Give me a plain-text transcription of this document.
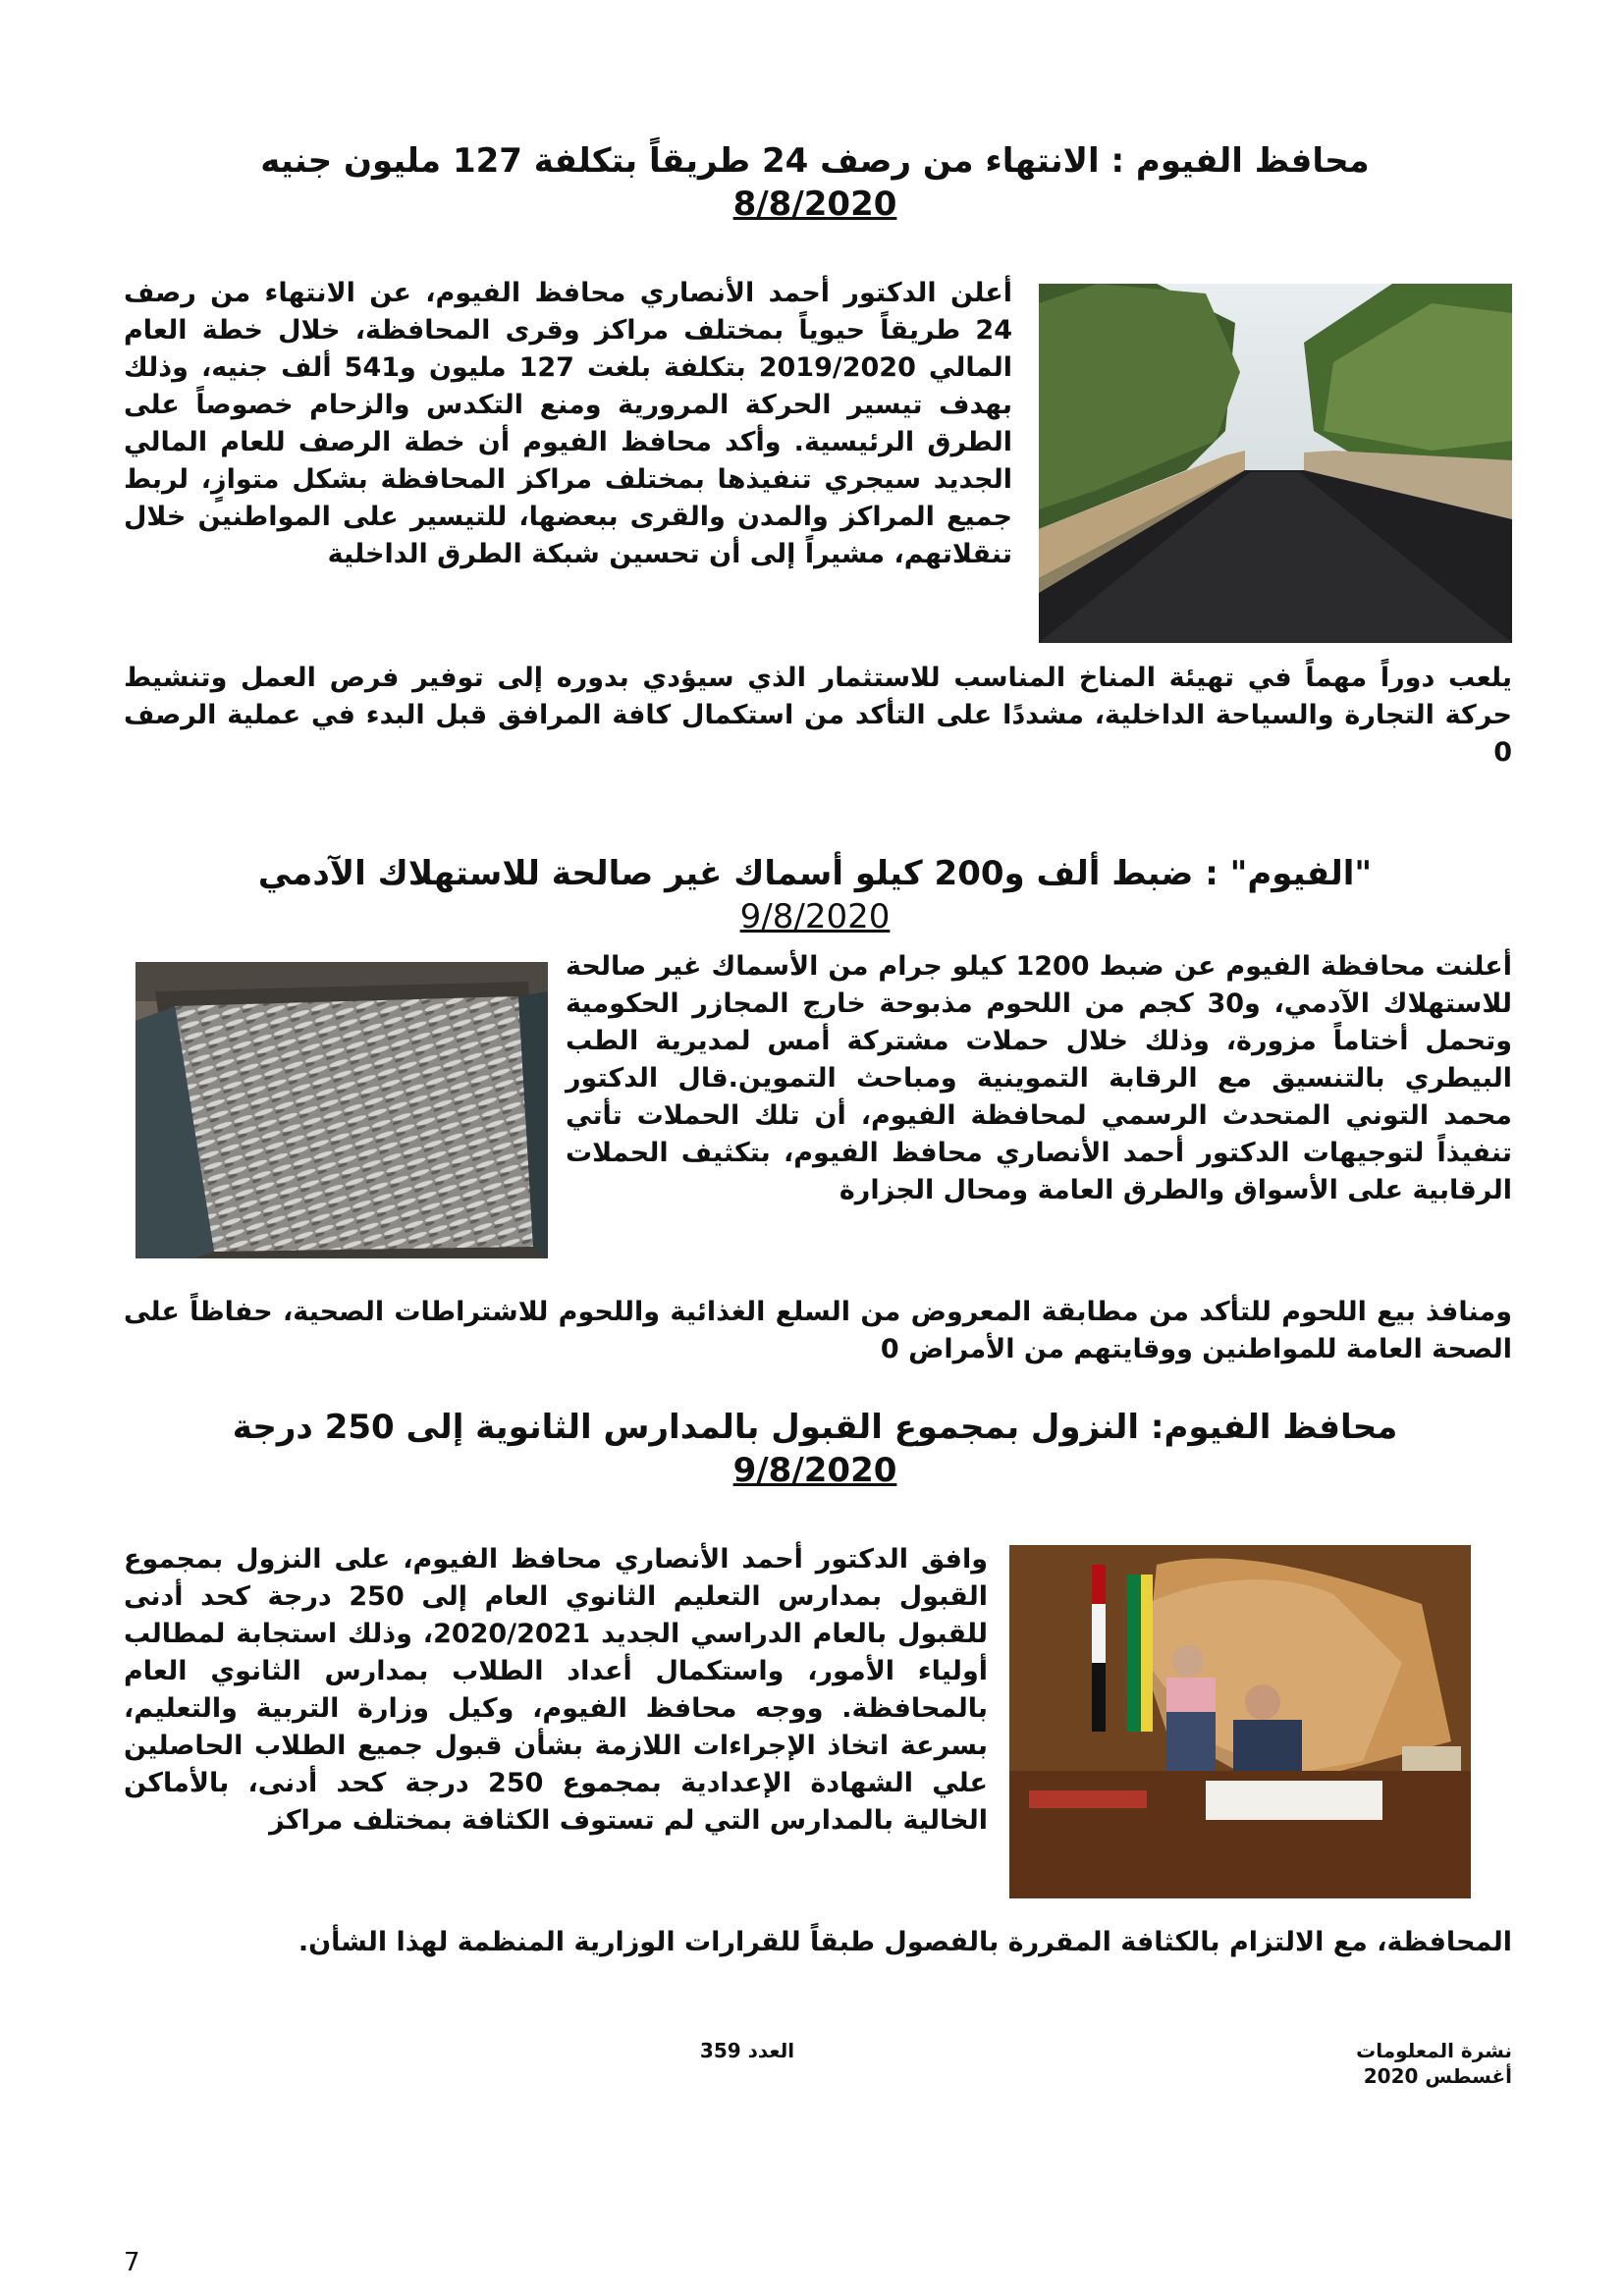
محافظ الفيوم : الانتهاء من رصف 24 طريقاً بتكلفة 127 مليون جنيه
8/8/2020

أعلن الدكتور أحمد الأنصاري محافظ الفيوم، عن الانتهاء من رصف 24 طريقاً حيوياً بمختلف مراكز وقرى المحافظة، خلال خطة العام المالي 2019/2020 بتكلفة بلغت 127 مليون و541 ألف جنيه، وذلك بهدف تيسير الحركة المرورية ومنع التكدس والزحام خصوصاً على الطرق الرئيسية. وأكد محافظ الفيوم أن خطة الرصف للعام المالي الجديد سيجري تنفيذها بمختلف مراكز المحافظة بشكل متوازٍ، لربط جميع المراكز والمدن والقرى ببعضها، للتيسير على المواطنين خلال تنقلاتهم، مشيراً إلى أن تحسين شبكة الطرق الداخلية

يلعب دوراً مهماً في تهيئة المناخ المناسب للاستثمار الذي سيؤدي بدوره إلى توفير فرص العمل وتنشيط حركة التجارة والسياحة الداخلية، مشددًا على التأكد من استكمال كافة المرافق قبل البدء في عملية الرصف 0

"الفيوم" : ضبط ألف و200 كيلو أسماك غير صالحة للاستهلاك الآدمي
9/8/2020

أعلنت محافظة الفيوم عن ضبط 1200 كيلو جرام من الأسماك غير صالحة للاستهلاك الآدمي، و30 كجم من اللحوم مذبوحة خارج المجازر الحكومية وتحمل أختاماً مزورة، وذلك خلال حملات مشتركة أمس لمديرية الطب البيطري بالتنسيق مع الرقابة التموينية ومباحث التموين.قال الدكتور محمد التوني المتحدث الرسمي لمحافظة الفيوم، أن تلك الحملات تأتي تنفيذاً لتوجيهات الدكتور أحمد الأنصاري محافظ الفيوم، بتكثيف الحملات الرقابية على الأسواق والطرق العامة ومحال الجزارة

ومنافذ بيع اللحوم للتأكد من مطابقة المعروض من السلع الغذائية واللحوم للاشتراطات الصحية، حفاظاً على الصحة العامة للمواطنين ووقايتهم من الأمراض 0

محافظ الفيوم: النزول بمجموع القبول بالمدارس الثانوية إلى 250 درجة
9/8/2020

وافق الدكتور أحمد الأنصاري محافظ الفيوم، على النزول بمجموع القبول بمدارس التعليم الثانوي العام إلى 250 درجة كحد أدنى للقبول بالعام الدراسي الجديد 2020/2021، وذلك استجابة لمطالب أولياء الأمور، واستكمال أعداد الطلاب بمدارس الثانوي العام بالمحافظة. ووجه محافظ الفيوم، وكيل وزارة التربية والتعليم، بسرعة اتخاذ الإجراءات اللازمة بشأن قبول جميع الطلاب الحاصلين علي الشهادة الإعدادية بمجموع 250 درجة كحد أدنى، بالأماكن الخالية بالمدارس التي لم تستوف الكثافة بمختلف مراكز

المحافظة، مع الالتزام بالكثافة المقررة بالفصول طبقاً للقرارات الوزارية المنظمة لهذا الشأن.

نشرة المعلومات
أغسطس 2020
العدد 359
7
